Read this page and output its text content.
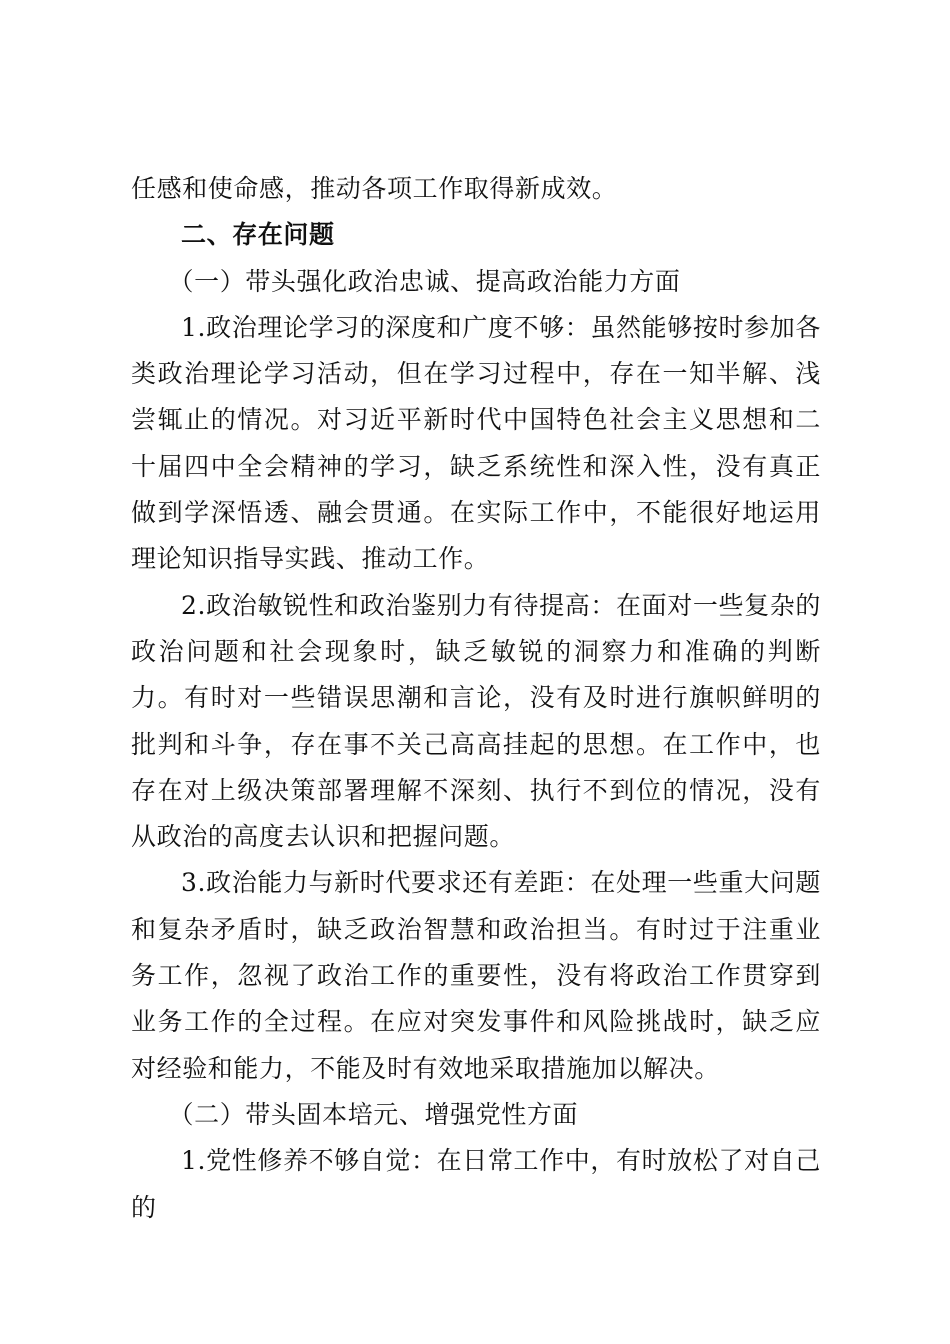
任感和使命感，推动各项工作取得新成效。

二、存在问题

（一）带头强化政治忠诚、提高政治能力方面

1.政治理论学习的深度和广度不够：虽然能够按时参加各类政治理论学习活动，但在学习过程中，存在一知半解、浅尝辄止的情况。对习近平新时代中国特色社会主义思想和二十届四中全会精神的学习，缺乏系统性和深入性，没有真正做到学深悟透、融会贯通。在实际工作中，不能很好地运用理论知识指导实践、推动工作。

2.政治敏锐性和政治鉴别力有待提高：在面对一些复杂的政治问题和社会现象时，缺乏敏锐的洞察力和准确的判断力。有时对一些错误思潮和言论，没有及时进行旗帜鲜明的批判和斗争，存在事不关己高高挂起的思想。在工作中，也存在对上级决策部署理解不深刻、执行不到位的情况，没有从政治的高度去认识和把握问题。

3.政治能力与新时代要求还有差距：在处理一些重大问题和复杂矛盾时，缺乏政治智慧和政治担当。有时过于注重业务工作，忽视了政治工作的重要性，没有将政治工作贯穿到业务工作的全过程。在应对突发事件和风险挑战时，缺乏应对经验和能力，不能及时有效地采取措施加以解决。

（二）带头固本培元、增强党性方面

1.党性修养不够自觉：在日常工作中，有时放松了对自己的
